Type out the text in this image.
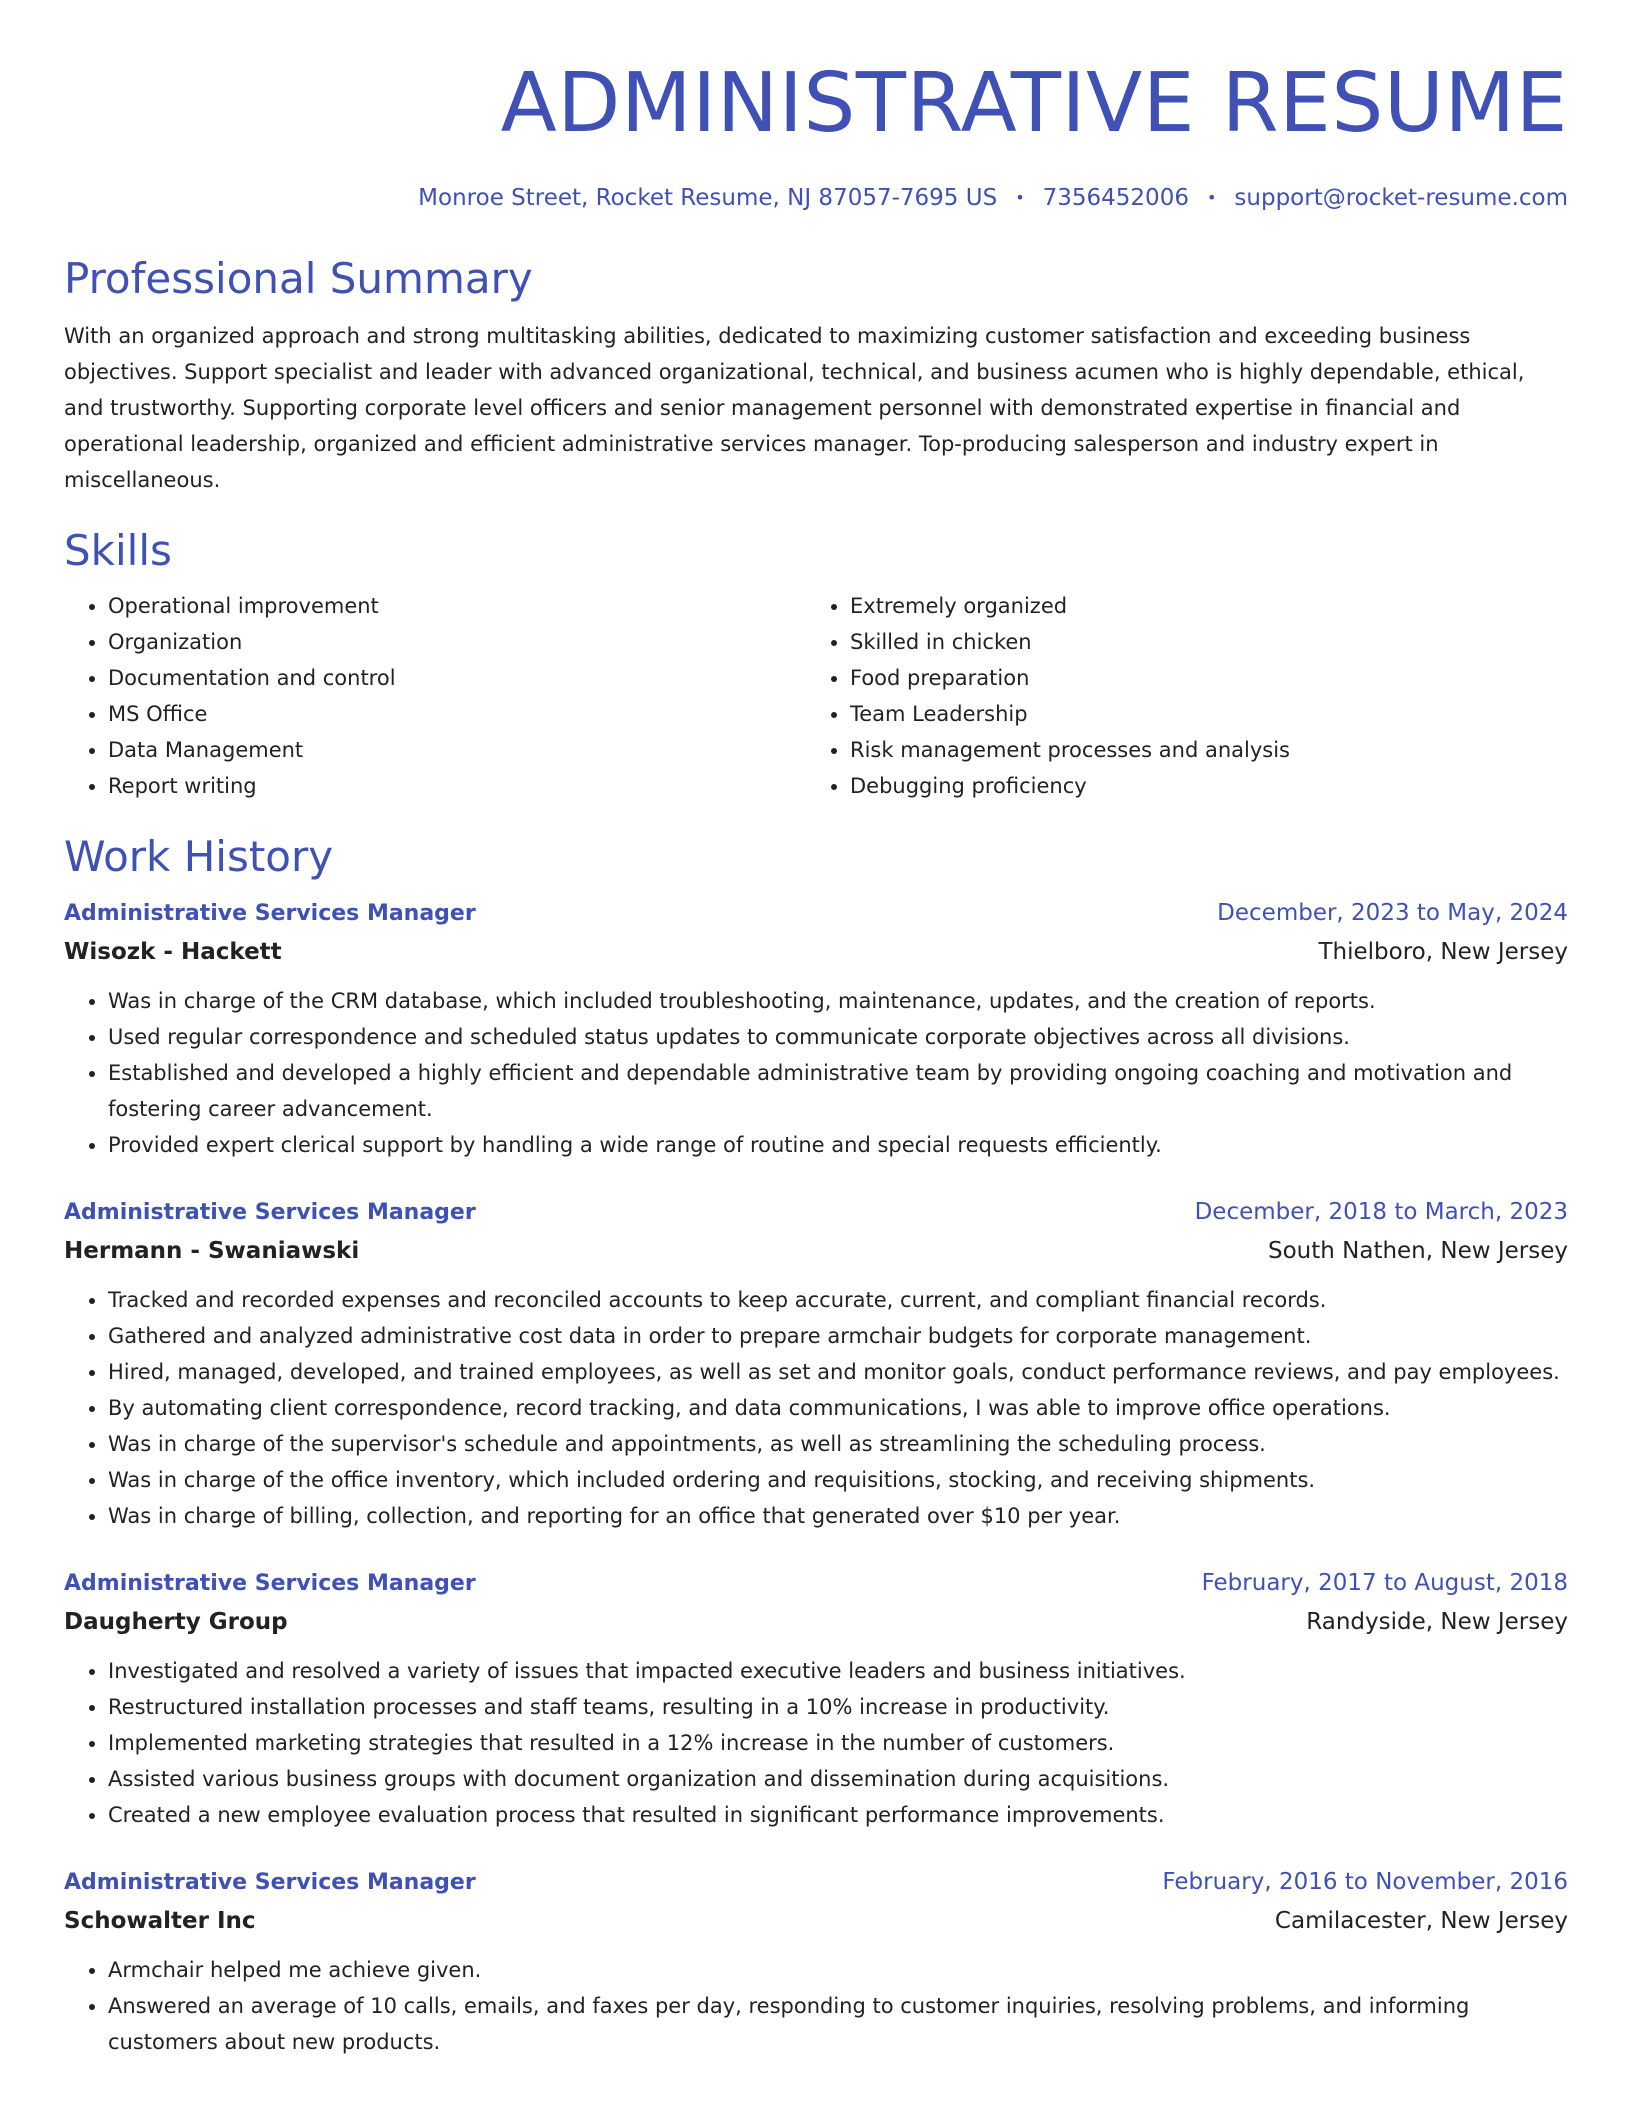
ADMINISTRATIVE RESUME
Monroe Street, Rocket Resume, NJ 87057-7695 US • 7356452006 • support@rocket-resume.com
Professional Summary
With an organized approach and strong multitasking abilities, dedicated to maximizing customer satisfaction and exceeding business objectives. Support specialist and leader with advanced organizational, technical, and business acumen who is highly dependable, ethical, and trustworthy. Supporting corporate level officers and senior management personnel with demonstrated expertise in financial and operational leadership, organized and efficient administrative services manager. Top-producing salesperson and industry expert in miscellaneous.
Skills
• Operational improvement
• Organization
• Documentation and control
• MS Office
• Data Management
• Report writing
• Extremely organized
• Skilled in chicken
• Food preparation
• Team Leadership
• Risk management processes and analysis
• Debugging proficiency
Work History
Administrative Services Manager	December, 2023 to May, 2024
Wisozk - Hackett	Thielboro, New Jersey
• Was in charge of the CRM database, which included troubleshooting, maintenance, updates, and the creation of reports.
• Used regular correspondence and scheduled status updates to communicate corporate objectives across all divisions.
• Established and developed a highly efficient and dependable administrative team by providing ongoing coaching and motivation and fostering career advancement.
• Provided expert clerical support by handling a wide range of routine and special requests efficiently.
Administrative Services Manager	December, 2018 to March, 2023
Hermann - Swaniawski	South Nathen, New Jersey
• Tracked and recorded expenses and reconciled accounts to keep accurate, current, and compliant financial records.
• Gathered and analyzed administrative cost data in order to prepare armchair budgets for corporate management.
• Hired, managed, developed, and trained employees, as well as set and monitor goals, conduct performance reviews, and pay employees.
• By automating client correspondence, record tracking, and data communications, I was able to improve office operations.
• Was in charge of the supervisor's schedule and appointments, as well as streamlining the scheduling process.
• Was in charge of the office inventory, which included ordering and requisitions, stocking, and receiving shipments.
• Was in charge of billing, collection, and reporting for an office that generated over $10 per year.
Administrative Services Manager	February, 2017 to August, 2018
Daugherty Group	Randyside, New Jersey
• Investigated and resolved a variety of issues that impacted executive leaders and business initiatives.
• Restructured installation processes and staff teams, resulting in a 10% increase in productivity.
• Implemented marketing strategies that resulted in a 12% increase in the number of customers.
• Assisted various business groups with document organization and dissemination during acquisitions.
• Created a new employee evaluation process that resulted in significant performance improvements.
Administrative Services Manager	February, 2016 to November, 2016
Schowalter Inc	Camilacester, New Jersey
• Armchair helped me achieve given.
• Answered an average of 10 calls, emails, and faxes per day, responding to customer inquiries, resolving problems, and informing customers about new products.
